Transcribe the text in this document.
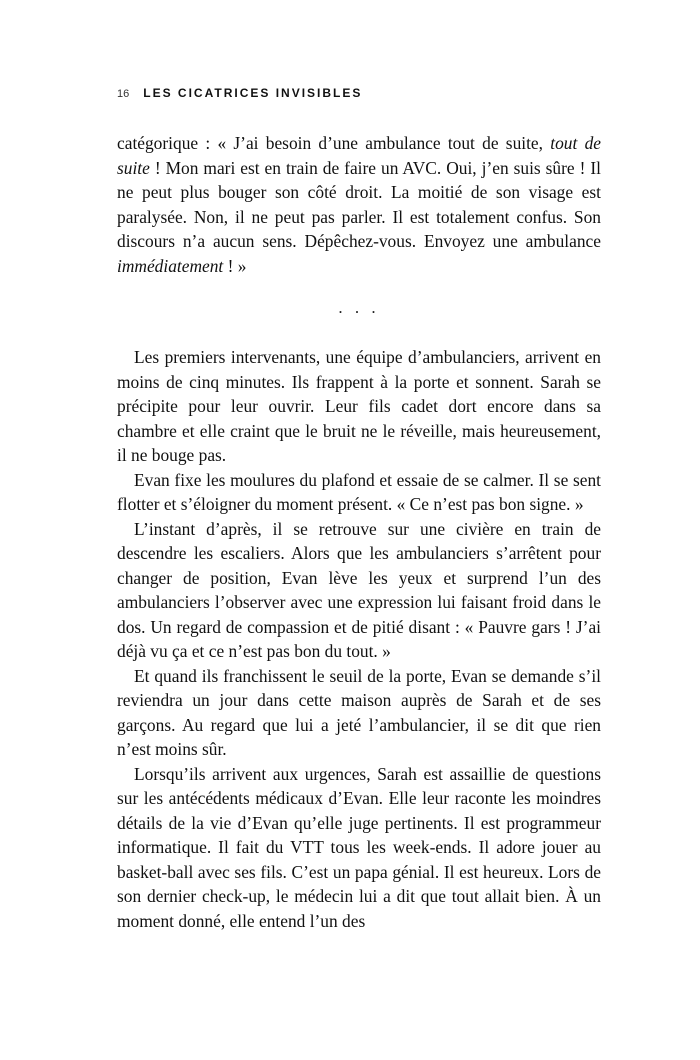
16 LES CICATRICES INVISIBLES

catégorique : « J’ai besoin d’une ambulance tout de suite, tout de suite ! Mon mari est en train de faire un AVC. Oui, j’en suis sûre ! Il ne peut plus bouger son côté droit. La moitié de son visage est paralysée. Non, il ne peut pas parler. Il est totalement confus. Son discours n’a aucun sens. Dépêchez-vous. Envoyez une ambulance immédiatement ! »

. . .

Les premiers intervenants, une équipe d’ambulanciers, arrivent en moins de cinq minutes. Ils frappent à la porte et sonnent. Sarah se précipite pour leur ouvrir. Leur fils cadet dort encore dans sa chambre et elle craint que le bruit ne le réveille, mais heureusement, il ne bouge pas.

Evan fixe les moulures du plafond et essaie de se calmer. Il se sent flotter et s’éloigner du moment présent. « Ce n’est pas bon signe. »

L’instant d’après, il se retrouve sur une civière en train de descendre les escaliers. Alors que les ambulanciers s’arrêtent pour changer de position, Evan lève les yeux et surprend l’un des ambulanciers l’observer avec une expression lui faisant froid dans le dos. Un regard de compassion et de pitié disant : « Pauvre gars ! J’ai déjà vu ça et ce n’est pas bon du tout. »

Et quand ils franchissent le seuil de la porte, Evan se demande s’il reviendra un jour dans cette maison auprès de Sarah et de ses garçons. Au regard que lui a jeté l’ambulancier, il se dit que rien n’est moins sûr.

Lorsqu’ils arrivent aux urgences, Sarah est assaillie de questions sur les antécédents médicaux d’Evan. Elle leur raconte les moindres détails de la vie d’Evan qu’elle juge pertinents. Il est programmeur informatique. Il fait du VTT tous les week-ends. Il adore jouer au basket-ball avec ses fils. C’est un papa génial. Il est heureux. Lors de son dernier check-up, le médecin lui a dit que tout allait bien. À un moment donné, elle entend l’un des
